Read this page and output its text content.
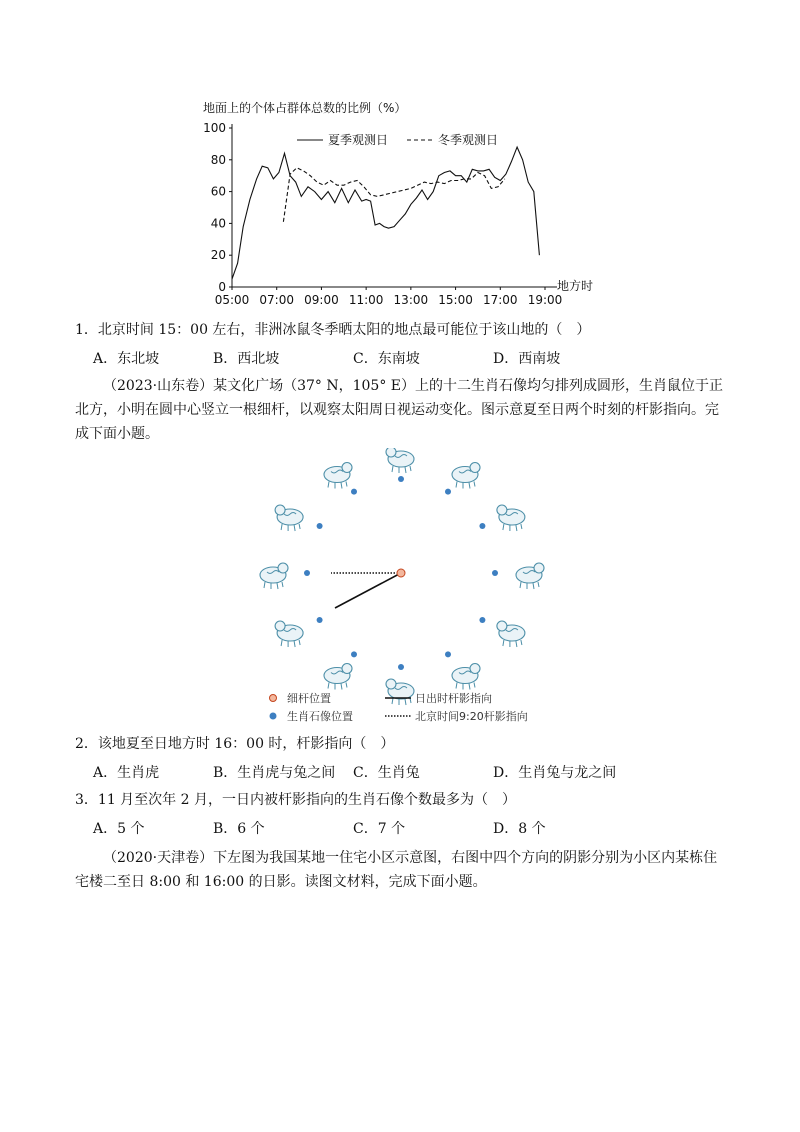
地面上的个体占群体总数的比例（%）
0
20
40
60
80
100
05:00 07:00 09:00 11:00 13:00 15:00 17:00 19:00
夏季观测日	冬季观测日
地方时
1．北京时间 15：00 左右，非洲冰鼠冬季晒太阳的地点最可能位于该山地的（　）
A．东北坡	B．西北坡	C．东南坡	D．西南坡
（2023·山东卷）某文化广场（37° N，105° E）上的十二生肖石像均匀排列成圆形，生肖鼠位于正北方，小明在圆中心竖立一根细杆，以观察太阳周日视运动变化。图示意夏至日两个时刻的杆影指向。完成下面小题。
细杆位置
生肖石像位置
日出时杆影指向
北京时间9:20杆影指向
2．该地夏至日地方时 16：00 时，杆影指向（　）
A．生肖虎	B．生肖虎与兔之间 C．生肖兔	D．生肖兔与龙之间
3．11 月至次年 2 月，一日内被杆影指向的生肖石像个数最多为（　）
A．5 个	B．6 个	C．7 个	D．8 个
（2020·天津卷）下左图为我国某地一住宅小区示意图，右图中四个方向的阴影分别为小区内某栋住宅楼二至日 8:00 和 16:00 的日影。读图文材料，完成下面小题。
